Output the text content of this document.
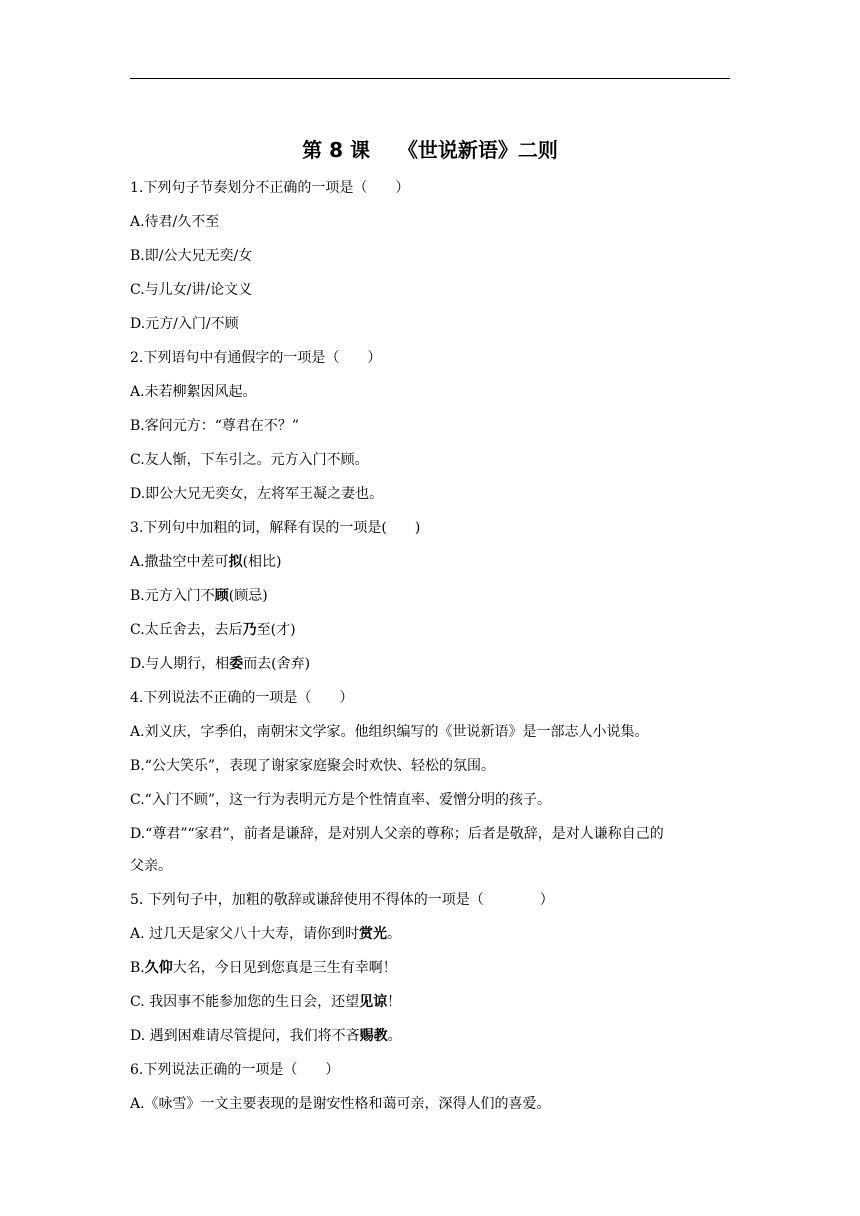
第 8 课    《世说新语》二则
1.下列句子节奏划分不正确的一项是（　　）
A.待君/久不至
B.即/公大兄无奕/女
C.与儿女/讲/论文义
D.元方/入门/不顾
2.下列语句中有通假字的一项是（　　）
A.未若柳絮因风起。
B.客问元方：“尊君在不？”
C.友人惭，下车引之。元方入门不顾。
D.即公大兄无奕女，左将军王凝之妻也。
3.下列句中加粗的词，解释有误的一项是(　　)
A.撒盐空中差可拟(相比)
B.元方入门不顾(顾忌)
C.太丘舍去，去后乃至(才)
D.与人期行，相委而去(舍弃)
4.下列说法不正确的一项是（　　）
A.刘义庆，字季伯，南朝宋文学家。他组织编写的《世说新语》是一部志人小说集。
B.“公大笑乐”，表现了谢家家庭聚会时欢快、轻松的氛围。
C.“入门不顾”，这一行为表明元方是个性情直率、爱憎分明的孩子。
D.“尊君”“家君”，前者是谦辞，是对别人父亲的尊称；后者是敬辞，是对人谦称自己的
父亲。
5. 下列句子中，加粗的敬辞或谦辞使用不得体的一项是（　　　　）
A. 过几天是家父八十大寿，请你到时赏光。
B.久仰大名，今日见到您真是三生有幸啊！
C. 我因事不能参加您的生日会，还望见谅！
D. 遇到困难请尽管提问，我们将不吝赐教。
6.下列说法正确的一项是（　　）
A.《咏雪》一文主要表现的是谢安性格和蔼可亲，深得人们的喜爱。
